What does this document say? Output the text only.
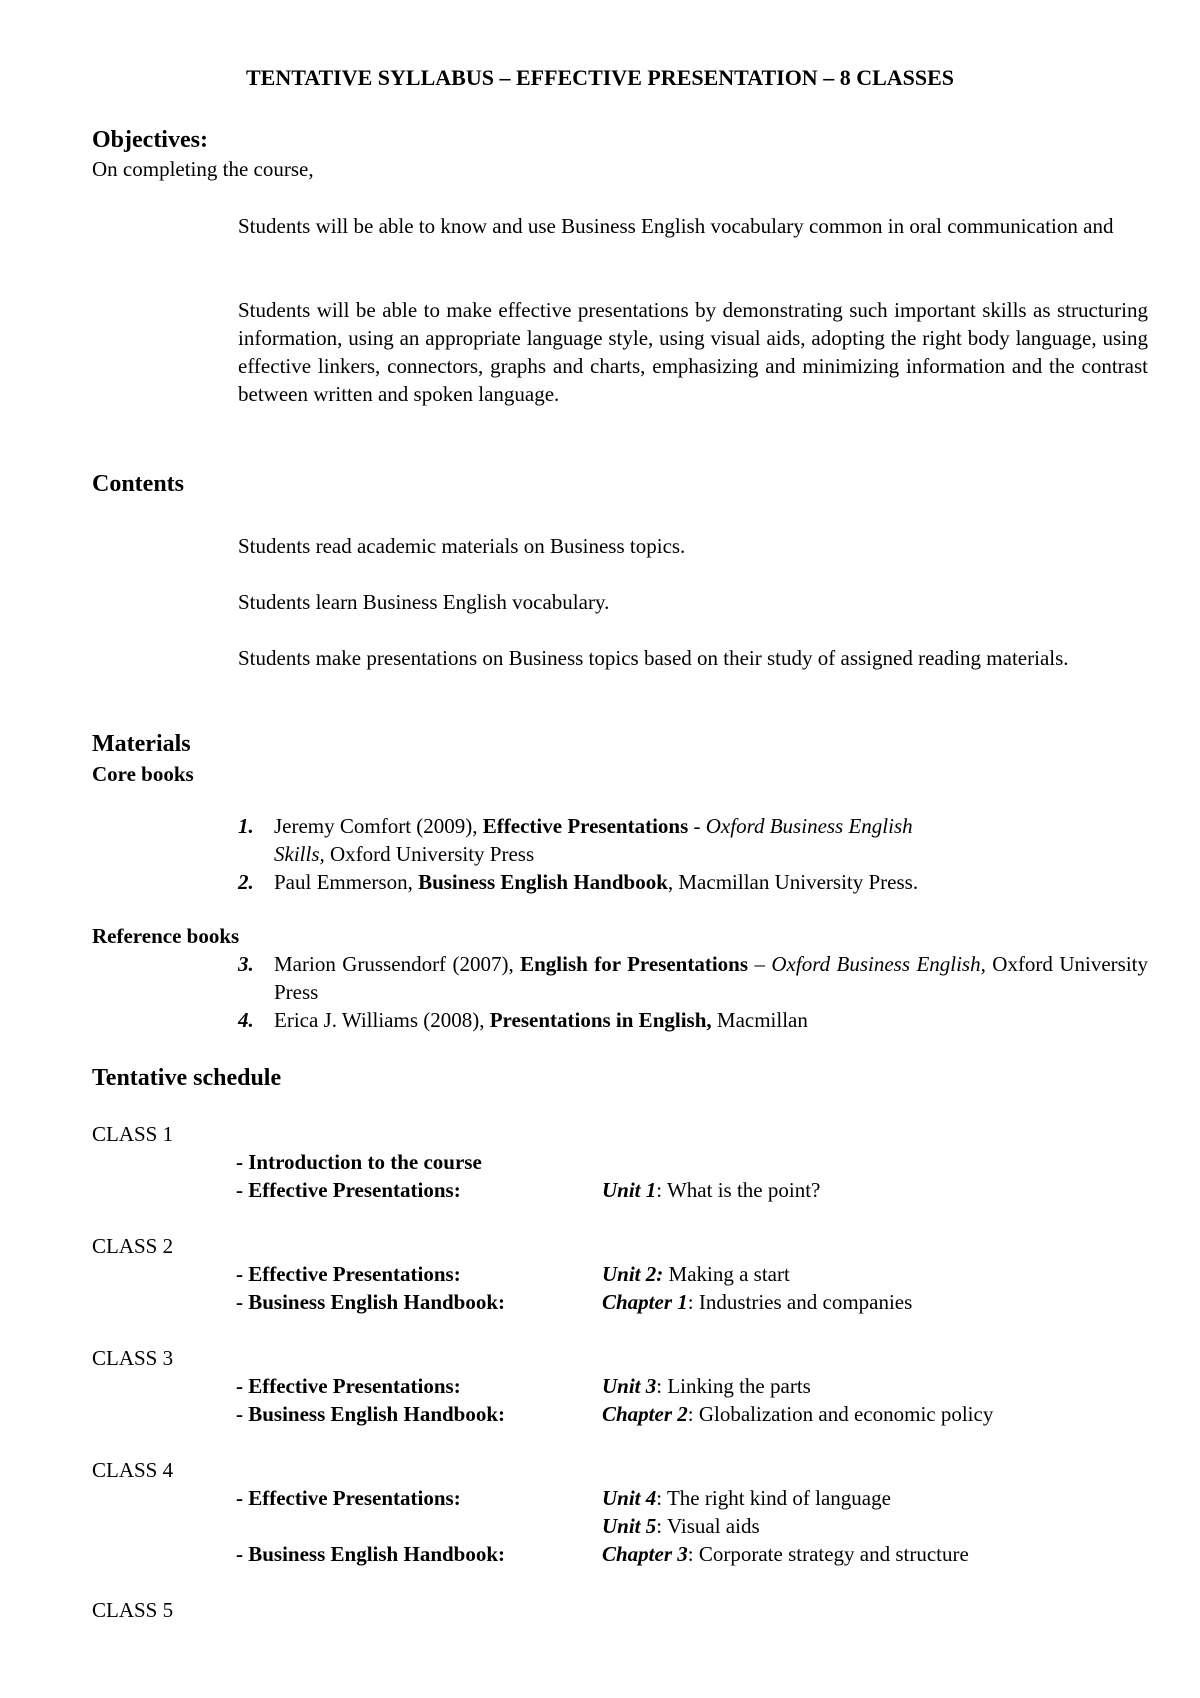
TENTATIVE SYLLABUS – EFFECTIVE PRESENTATION – 8 CLASSES
Objectives:
On completing the course,
Students will be able to know and use Business English vocabulary common in oral communication and
Students will be able to make effective presentations by demonstrating such important skills as structuring information, using an appropriate language style, using visual aids, adopting the right body language, using effective linkers, connectors, graphs and charts, emphasizing and minimizing information and the contrast between written and spoken language.
Contents
Students read academic materials on Business topics.
Students learn Business English vocabulary.
Students make presentations on Business topics based on their study of assigned reading materials.
Materials
Core books
1. Jeremy Comfort (2009), Effective Presentations - Oxford Business English Skills, Oxford University Press
2. Paul Emmerson, Business English Handbook, Macmillan University Press.
Reference books
3. Marion Grussendorf (2007), English for Presentations – Oxford Business English, Oxford University Press
4. Erica J. Williams (2008), Presentations in English, Macmillan
Tentative schedule
CLASS 1
- Introduction to the course
- Effective Presentations:	Unit 1: What is the point?
CLASS 2
- Effective Presentations:	Unit 2: Making a start
- Business English Handbook:	Chapter 1: Industries and companies
CLASS 3
- Effective Presentations:	Unit 3: Linking the parts
- Business English Handbook:	Chapter 2: Globalization and economic policy
CLASS 4
- Effective Presentations:	Unit 4: The right kind of language
Unit 5: Visual aids
- Business English Handbook:	Chapter 3: Corporate strategy and structure
CLASS 5
